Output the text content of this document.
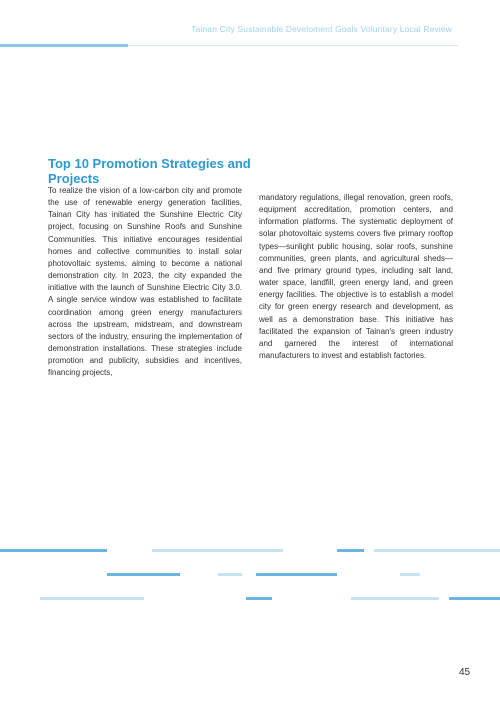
Tainan City Sustainable Develoment Goals Voluntary Local Review
Top 10 Promotion Strategies and Projects

To realize the vision of a low-carbon city and promote the use of renewable energy generation facilities, Tainan City has initiated the Sunshine Electric City project, focusing on Sunshine Roofs and Sunshine Communities. This initiative encourages residential homes and collective communities to install solar photovoltaic systems, aiming to become a national demonstration city. In 2023, the city expanded the initiative with the launch of Sunshine Electric City 3.0. A single service window was established to facilitate coordination among green energy manufacturers across the upstream, midstream, and downstream sectors of the industry, ensuring the implementation of demonstration installations. These strategies include promotion and publicity, subsidies and incentives, financing projects,

mandatory regulations, illegal renovation, green roofs, equipment accreditation, promotion centers, and information platforms. The systematic deployment of solar photovoltaic systems covers five primary rooftop types—sunlight public housing, solar roofs, sunshine communities, green plants, and agricultural sheds—and five primary ground types, including salt land, water space, landfill, green energy land, and green energy facilities. The objective is to establish a model city for green energy research and development, as well as a demonstration base. This initiative has facilitated the expansion of Tainan's green industry and garnered the interest of international manufacturers to invest and establish factories.

45
